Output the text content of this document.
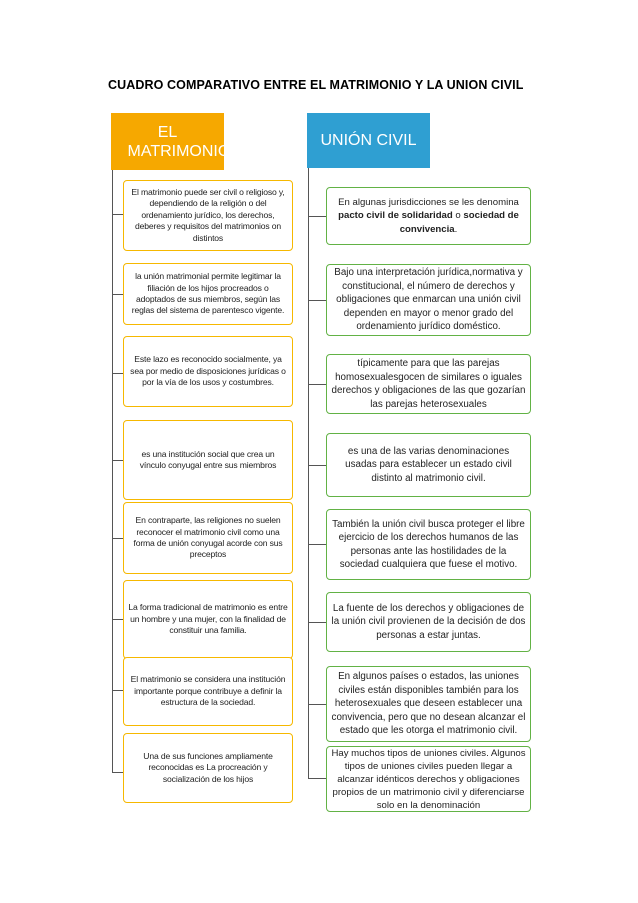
CUADRO COMPARATIVO ENTRE EL MATRIMONIO Y LA UNION CIVIL
EL MATRIMONIO
UNIÓN CIVIL
El matrimonio puede ser civil o religioso y, dependiendo de la religión o del ordenamiento jurídico, los derechos, deberes y requisitos del matrimonios on distintos
la unión matrimonial permite legitimar la filiación de los hijos procreados o adoptados de sus miembros, según las reglas del sistema de parentesco vigente.
Este lazo es reconocido socialmente, ya sea por medio de disposiciones jurídicas o por la vía de los usos y costumbres.
es una institución social que crea un vínculo conyugal entre sus miembros
En contraparte, las religiones no suelen reconocer el matrimonio civil como una forma de unión conyugal acorde con sus preceptos
La forma tradicional de matrimonio es entre un hombre y una mujer, con la finalidad de constituir una familia.
El matrimonio se considera una institución importante porque contribuye a definir la estructura de la sociedad.
Una de sus funciones ampliamente reconocidas es La procreación y socialización de los hijos
En algunas jurisdicciones se les denomina pacto civil de solidaridad o sociedad de convivencia.
Bajo una interpretación jurídica,normativa y constitucional, el número de derechos y obligaciones que enmarcan una unión civil dependen en mayor o menor grado del ordenamiento jurídico doméstico.
típicamente para que las parejas homosexualesgocen de similares o iguales derechos y obligaciones de las que gozarían las parejas heterosexuales
es una de las varias denominaciones usadas para establecer un estado civil distinto al matrimonio civil.
También la unión civil busca proteger el libre ejercicio de los derechos humanos de las personas ante las hostilidades de la sociedad cualquiera que fuese el motivo.
La fuente de los derechos y obligaciones de la unión civil provienen de la decisión de dos personas a estar juntas.
En algunos países o estados, las uniones civiles están disponibles también para los heterosexuales que deseen establecer una convivencia, pero que no desean alcanzar el estado que les otorga el matrimonio civil.
Hay muchos tipos de uniones civiles. Algunos tipos de uniones civiles pueden llegar a alcanzar idénticos derechos y obligaciones propios de un matrimonio civil y diferenciarse solo en la denominación
